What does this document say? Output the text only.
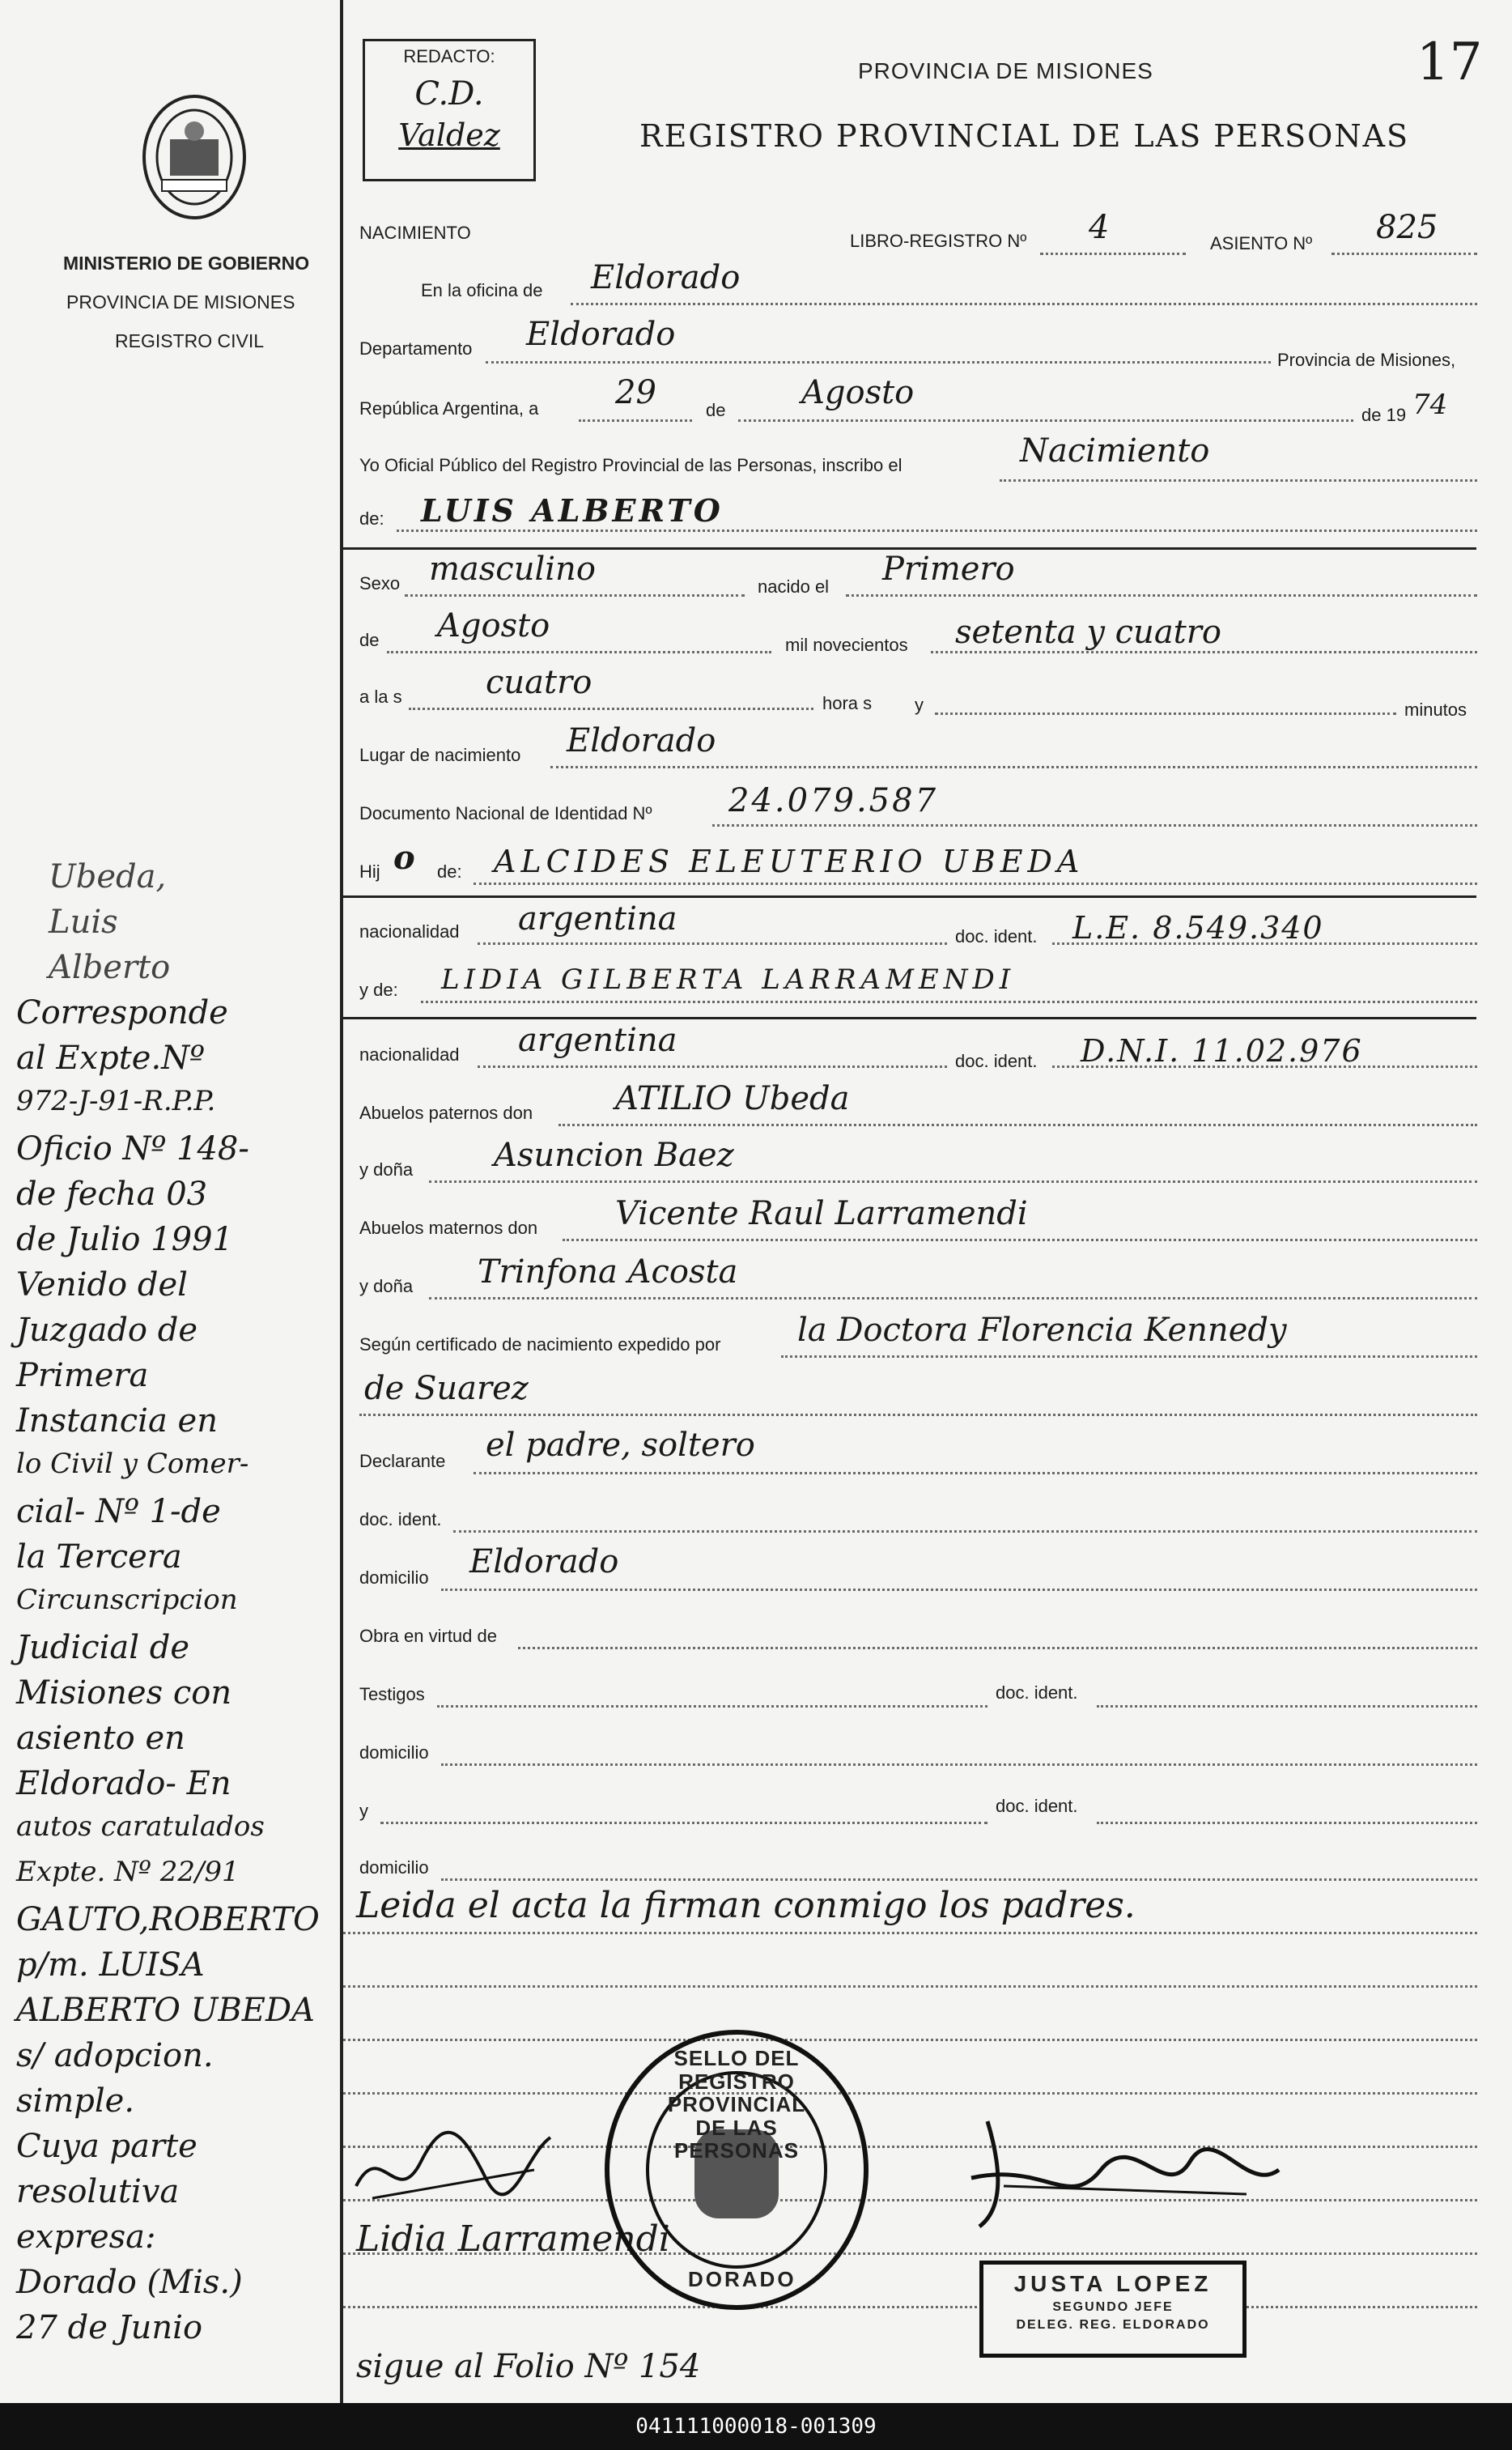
17
REDACTO:
C.D.
Valdez
PROVINCIA DE MISIONES
REGISTRO PROVINCIAL DE LAS PERSONAS
MINISTERIO DE GOBIERNO
PROVINCIA DE MISIONES
REGISTRO CIVIL
NACIMIENTO	LIBRO-REGISTRO Nº 4	ASIENTO Nº 825
En la oficina de Eldorado
Departamento Eldorado
Provincia de Misiones,
República Argentina, a 29	de Agosto
de 19 74
Yo Oficial Público del Registro Provincial de las Personas, inscribo el	Nacimiento
de: LUIS ALBERTO
Sexo masculino	nacido el Primero
de Agosto
mil novecientos setenta y cuatro
a la s	cuatro
hora s y	minutos
Lugar de nacimiento Eldorado
Documento Nacional de Identidad Nº 24.079.587
Hij o de: ALCIDES ELEUTERIO UBEDA
nacionalidad argentina	doc. ident. L.E. 8.549.340
y de: LIDIA GILBERTA LARRAMENDI
nacionalidad argentina
doc. ident. D.N.I. 11.02.976
Abuelos paternos don	ATILIO Ubeda
y doña Asuncion Baez
Abuelos maternos don Vicente Raul Larramendi
y doña Trinfona Acosta
Según certificado de nacimiento expedido por la Doctora Florencia Kennedy
de Suarez
Declarante el padre, soltero
doc. ident.
domicilio Eldorado
Obra en virtud de
Testigos	doc. ident.
domicilio
y	doc. ident.
domicilio
Leida el acta la firman conmigo los padres.
Lidia Larramendi
SELLO DEL REGISTRO PROVINCIAL DE LAS PERSONAS
DORADO	JUSTA LOPEZ
SEGUNDO JEFE
DELEG. REG. ELDORADO
sigue al Folio Nº 154
Ubeda,
Luis
Alberto
Corresponde
al Expte.Nº
972-J-91-R.P.P.
Oficio Nº 148-
de fecha 03
de Julio 1991
Venido del
Juzgado de
Primera
Instancia en
lo Civil y Comer-
cial- Nº 1-de
la Tercera
Circunscripcion
Judicial de
Misiones con
asiento en
Eldorado- En
autos caratulados
Expte. Nº 22/91
GAUTO,ROBERTO
p/m. LUISA
ALBERTO UBEDA
s/ adopcion.
simple.
Cuya parte
resolutiva
expresa:
Dorado (Mis.)
27 de Junio
041111000018-001309
